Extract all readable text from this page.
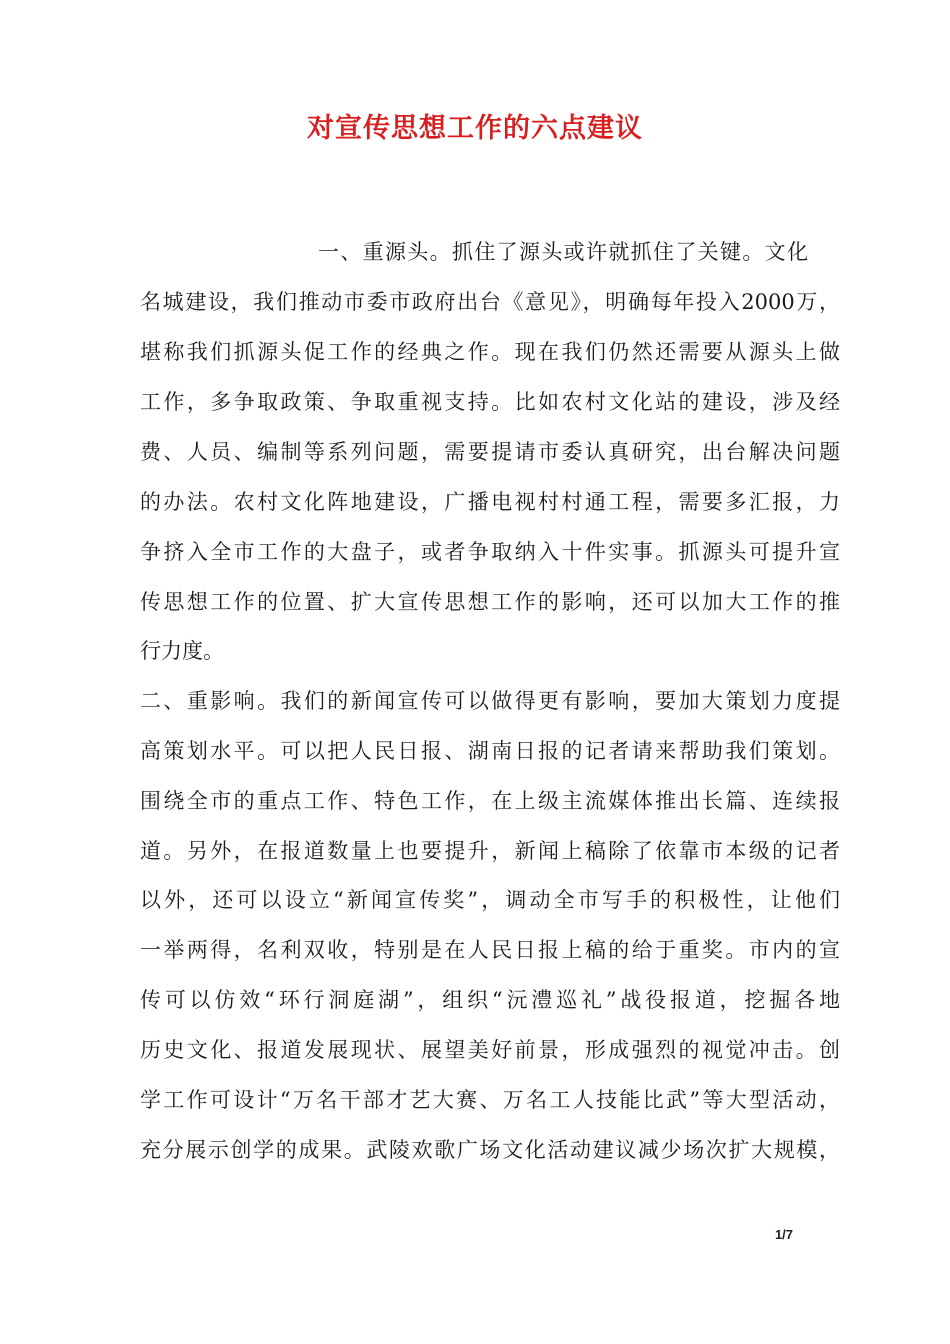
对宣传思想工作的六点建议
一、重源头。抓住了源头或许就抓住了关键。文化
名城建设，我们推动市委市政府出台《意见》，明确每年投入2000万，
堪称我们抓源头促工作的经典之作。现在我们仍然还需要从源头上做
工作，多争取政策、争取重视支持。比如农村文化站的建设，涉及经
费、人员、编制等系列问题，需要提请市委认真研究，出台解决问题
的办法。农村文化阵地建设，广播电视村村通工程，需要多汇报，力
争挤入全市工作的大盘子，或者争取纳入十件实事。抓源头可提升宣
传思想工作的位置、扩大宣传思想工作的影响，还可以加大工作的推
行力度。
二、重影响。我们的新闻宣传可以做得更有影响，要加大策划力度提
高策划水平。可以把人民日报、湖南日报的记者请来帮助我们策划。
围绕全市的重点工作、特色工作，在上级主流媒体推出长篇、连续报
道。另外，在报道数量上也要提升，新闻上稿除了依靠市本级的记者
以外，还可以设立“新闻宣传奖”，调动全市写手的积极性，让他们
一举两得，名利双收，特别是在人民日报上稿的给于重奖。市内的宣
传可以仿效“环行洞庭湖”，组织“沅澧巡礼”战役报道，挖掘各地
历史文化、报道发展现状、展望美好前景，形成强烈的视觉冲击。创
学工作可设计“万名干部才艺大赛、万名工人技能比武”等大型活动，
充分展示创学的成果。武陵欢歌广场文化活动建议减少场次扩大规模，
1/7
